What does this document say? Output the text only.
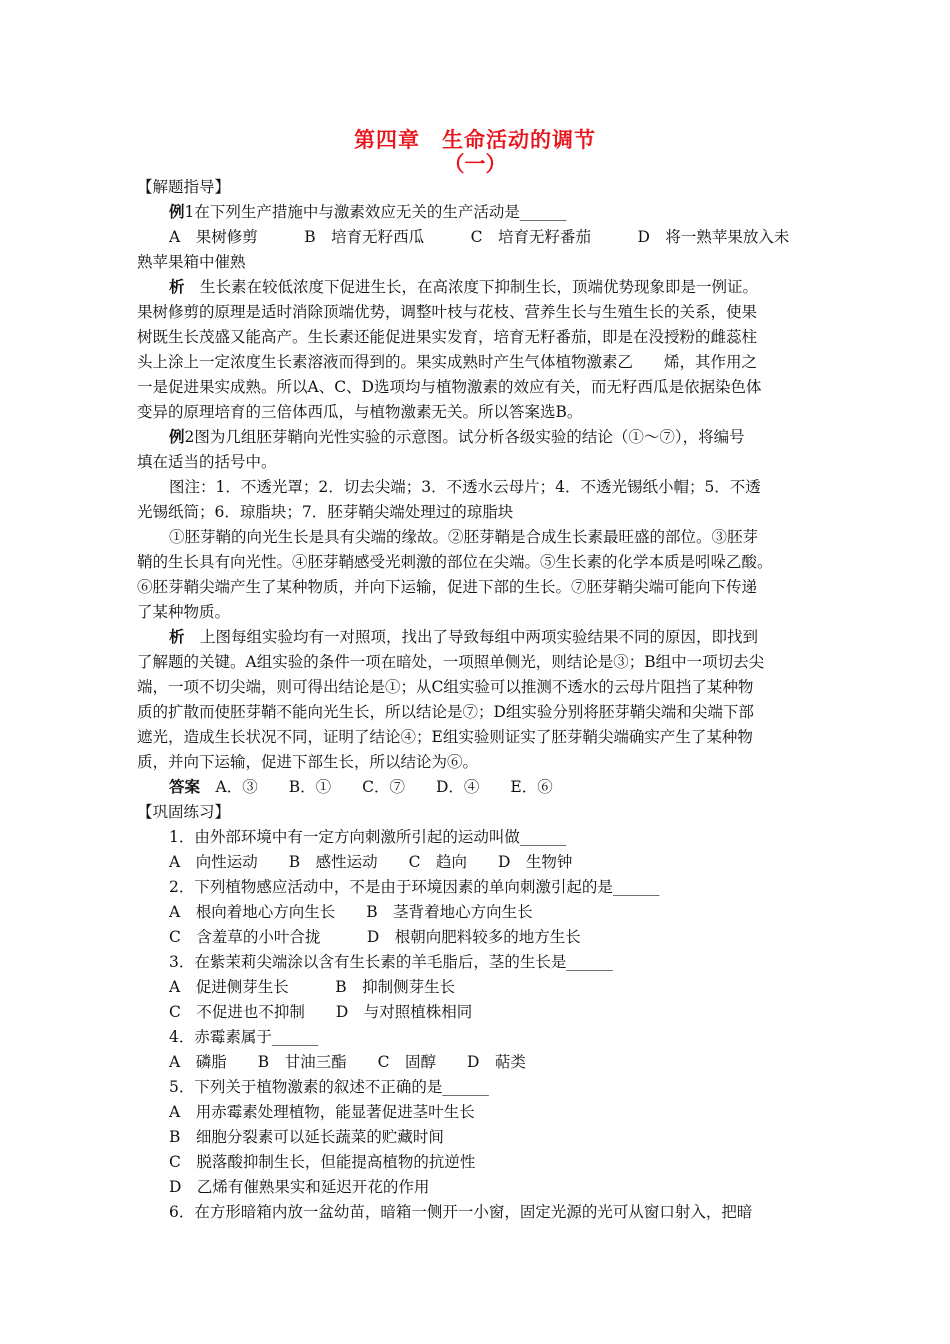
第四章　生命活动的调节
（一）
【解题指导】
例1在下列生产措施中与激素效应无关的生产活动是______
A　果树修剪　　　B　培育无籽西瓜　　　C　培育无籽番茄　　　D　将一熟苹果放入未
熟苹果箱中催熟
析　生长素在较低浓度下促进生长，在高浓度下抑制生长，顶端优势现象即是一例证。
果树修剪的原理是适时消除顶端优势，调整叶枝与花枝、营养生长与生殖生长的关系，使果
树既生长茂盛又能高产。生长素还能促进果实发育，培育无籽番茄，即是在没授粉的雌蕊柱
头上涂上一定浓度生长素溶液而得到的。果实成熟时产生气体植物激素乙　　烯，其作用之
一是促进果实成熟。所以A、C、D选项均与植物激素的效应有关，而无籽西瓜是依据染色体
变异的原理培育的三倍体西瓜，与植物激素无关。所以答案选B。
例2图为几组胚芽鞘向光性实验的示意图。试分析各级实验的结论（①～⑦），将编号
填在适当的括号中。
图注：1．不透光罩；2．切去尖端；3．不透水云母片；4．不透光锡纸小帽；5．不透
光锡纸筒；6．琼脂块；7．胚芽鞘尖端处理过的琼脂块
①胚芽鞘的向光生长是具有尖端的缘故。②胚芽鞘是合成生长素最旺盛的部位。③胚芽
鞘的生长具有向光性。④胚芽鞘感受光刺激的部位在尖端。⑤生长素的化学本质是吲哚乙酸。
⑥胚芽鞘尖端产生了某种物质，并向下运输，促进下部的生长。⑦胚芽鞘尖端可能向下传递
了某种物质。
析　上图每组实验均有一对照项，找出了导致每组中两项实验结果不同的原因，即找到
了解题的关键。A组实验的条件一项在暗处，一项照单侧光，则结论是③；B组中一项切去尖
端，一项不切尖端，则可得出结论是①；从C组实验可以推测不透水的云母片阻挡了某种物
质的扩散而使胚芽鞘不能向光生长，所以结论是⑦；D组实验分别将胚芽鞘尖端和尖端下部
遮光，造成生长状况不同，证明了结论④；E组实验则证实了胚芽鞘尖端确实产生了某种物
质，并向下运输，促进下部生长，所以结论为⑥。
答案　A．③　　B．①　　C．⑦　　D．④　　E．⑥
【巩固练习】
1．由外部环境中有一定方向刺激所引起的运动叫做______
A　向性运动　　B　感性运动　　C　趋向　　D　生物钟
2．下列植物感应活动中，不是由于环境因素的单向刺激引起的是______
A　根向着地心方向生长　　B　茎背着地心方向生长
C　含羞草的小叶合拢　　　D　根朝向肥料较多的地方生长
3．在紫茉莉尖端涂以含有生长素的羊毛脂后，茎的生长是______
A　促进侧芽生长　　　B　抑制侧芽生长
C　不促进也不抑制　　D　与对照植株相同
4．赤霉素属于______
A　磷脂　　B　甘油三酯　　C　固醇　　D　萜类
5．下列关于植物激素的叙述不正确的是______
A　用赤霉素处理植物，能显著促进茎叶生长
B　细胞分裂素可以延长蔬菜的贮藏时间
C　脱落酸抑制生长，但能提高植物的抗逆性
D　乙烯有催熟果实和延迟开花的作用
6．在方形暗箱内放一盆幼苗，暗箱一侧开一小窗，固定光源的光可从窗口射入，把暗
